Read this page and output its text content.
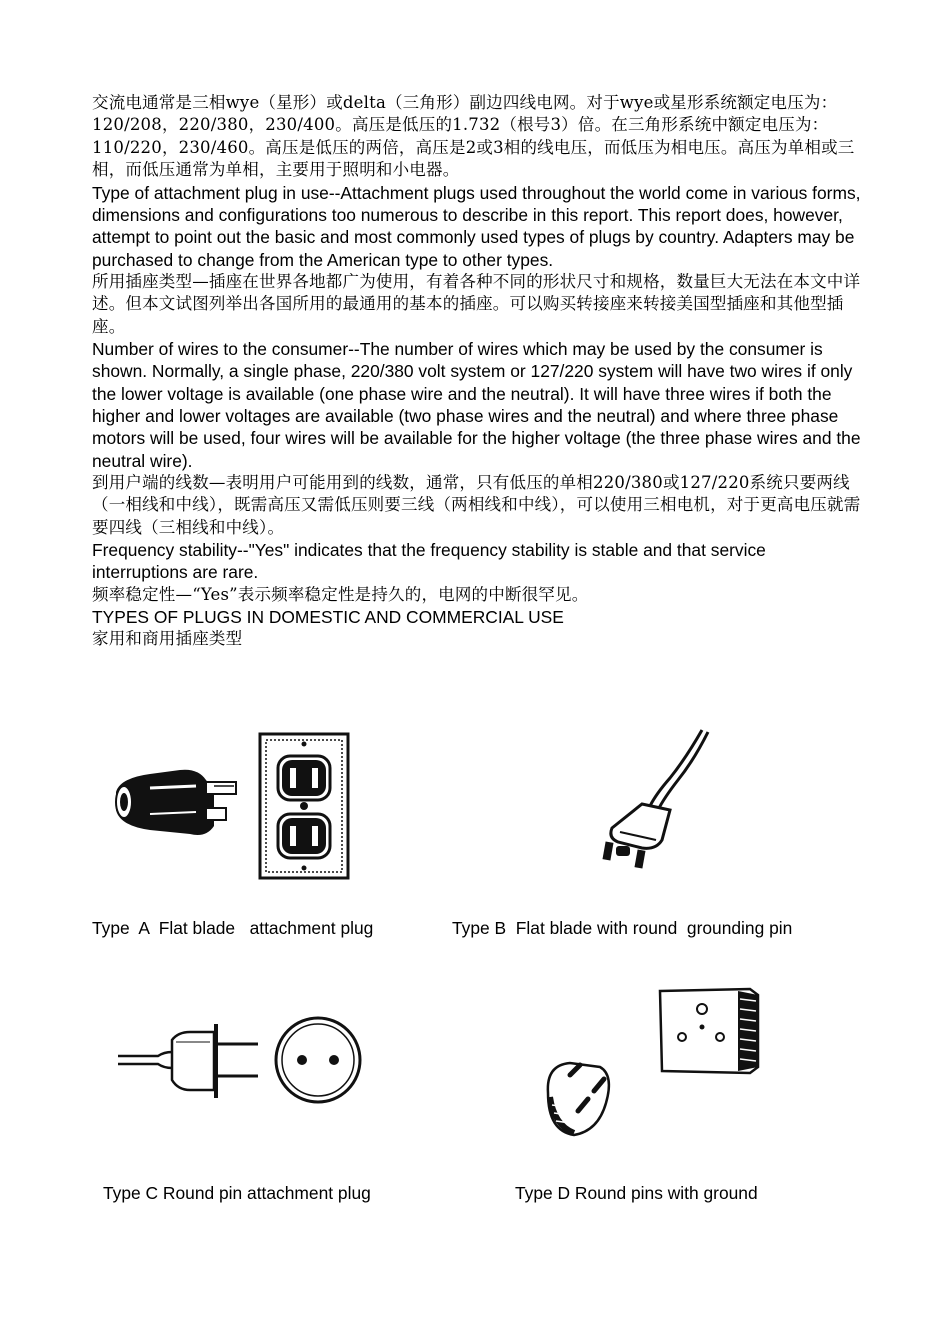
交流电通常是三相wye（星形）或delta（三角形）副边四线电网。对于wye或星形系统额定电压为：120/208，220/380，230/400。高压是低压的1.732（根号3）倍。在三角形系统中额定电压为：110/220，230/460。高压是低压的两倍，高压是2或3相的线电压，而低压为相电压。高压为单相或三相，而低压通常为单相，主要用于照明和小电器。

Type of attachment plug in use--Attachment plugs used throughout the world come in various forms, dimensions and configurations too numerous to describe in this report. This report does, however, attempt to point out the basic and most commonly used types of plugs by country. Adapters may be purchased to change from the American type to other types.

所用插座类型—插座在世界各地都广为使用，有着各种不同的形状尺寸和规格，数量巨大无法在本文中详述。但本文试图列举出各国所用的最通用的基本的插座。可以购买转接座来转接美国型插座和其他型插座。

Number of wires to the consumer--The number of wires which may be used by the consumer is shown. Normally, a single phase, 220/380 volt system or 127/220 system will have two wires if only the lower voltage is available (one phase wire and the neutral). It will have three wires if both the higher and lower voltages are available (two phase wires and the neutral) and where three phase motors will be used, four wires will be available for the higher voltage (the three phase wires and the neutral wire).

到用户端的线数—表明用户可能用到的线数，通常，只有低压的单相220/380或127/220系统只要两线（一相线和中线），既需高压又需低压则要三线（两相线和中线），可以使用三相电机，对于更高电压就需要四线（三相线和中线）。

Frequency stability--"Yes" indicates that the frequency stability is stable and that service interruptions are rare.

频率稳定性—“Yes”表示频率稳定性是持久的，电网的中断很罕见。

TYPES OF PLUGS IN DOMESTIC AND COMMERCIAL USE

家用和商用插座类型

Type  A  Flat blade   attachment plug	Type B  Flat blade with round  grounding pin
Type C Round pin attachment plug	Type D Round pins with ground
